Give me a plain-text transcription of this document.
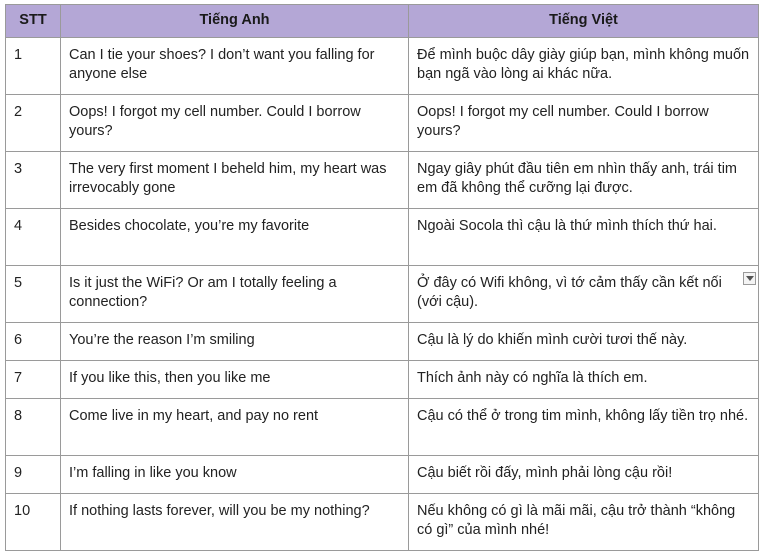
STT	Tiếng Anh	Tiếng Việt
1	Can I tie your shoes? I don’t want you falling for anyone else	Để mình buộc dây giày giúp bạn, mình không muốn bạn ngã vào lòng ai khác nữa.
2	Oops! I forgot my cell number. Could I borrow yours?	Oops! I forgot my cell number. Could I borrow yours?
3	The very first moment I beheld him, my heart was irrevocably gone	Ngay giây phút đầu tiên em nhìn thấy anh, trái tim em đã không thể cưỡng lại được.
4	Besides chocolate, you’re my favorite	Ngoài Socola thì cậu là thứ mình thích thứ hai.
5	Is it just the WiFi? Or am I totally feeling a connection?	Ở đây có Wifi không, vì tớ cảm thấy cần kết nối (với cậu).

6	You’re the reason I’m smiling	Cậu là lý do khiến mình cười tươi thế này.
7	If you like this, then you like me	Thích ảnh này có nghĩa là thích em.
8	Come live in my heart, and pay no rent	Cậu có thể ở trong tim mình, không lấy tiền trọ nhé.
9	I’m falling in like you know	Cậu biết rồi đấy, mình phải lòng cậu rồi!
10	If nothing lasts forever, will you be my nothing?	Nếu không có gì là mãi mãi, cậu trở thành “không có gì” của mình nhé!
